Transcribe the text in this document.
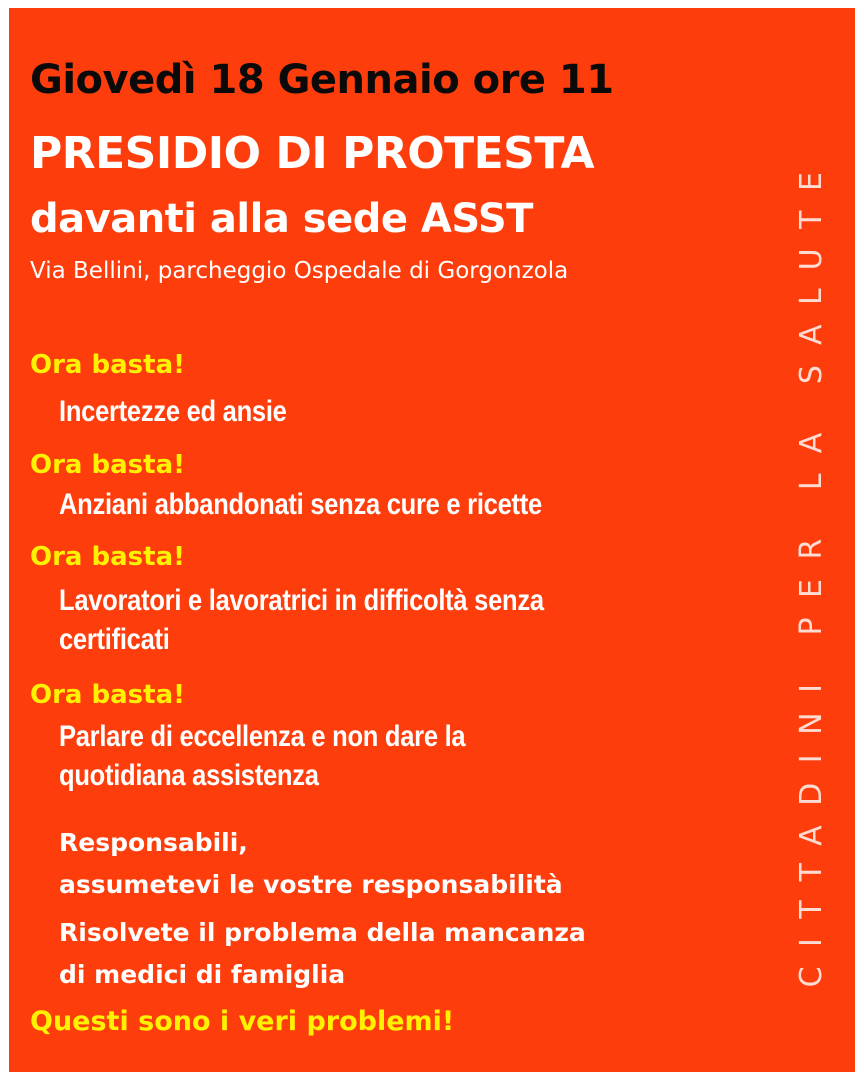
Giovedì 18 Gennaio ore 11

PRESIDIO DI PROTESTA

davanti alla sede ASST

Via Bellini, parcheggio Ospedale di Gorgonzola

Ora basta!

Incertezze ed ansie

Ora basta!

Anziani abbandonati senza cure e ricette

Ora basta!

Lavoratori e lavoratrici in difficoltà senza

certificati

Ora basta!

Parlare di eccellenza e non dare la

quotidiana assistenza

Responsabili,

assumetevi le vostre responsabilità

Risolvete il problema della mancanza

di medici di famiglia

Questi sono i veri problemi!

CITTADINI PER LA SALUTE
